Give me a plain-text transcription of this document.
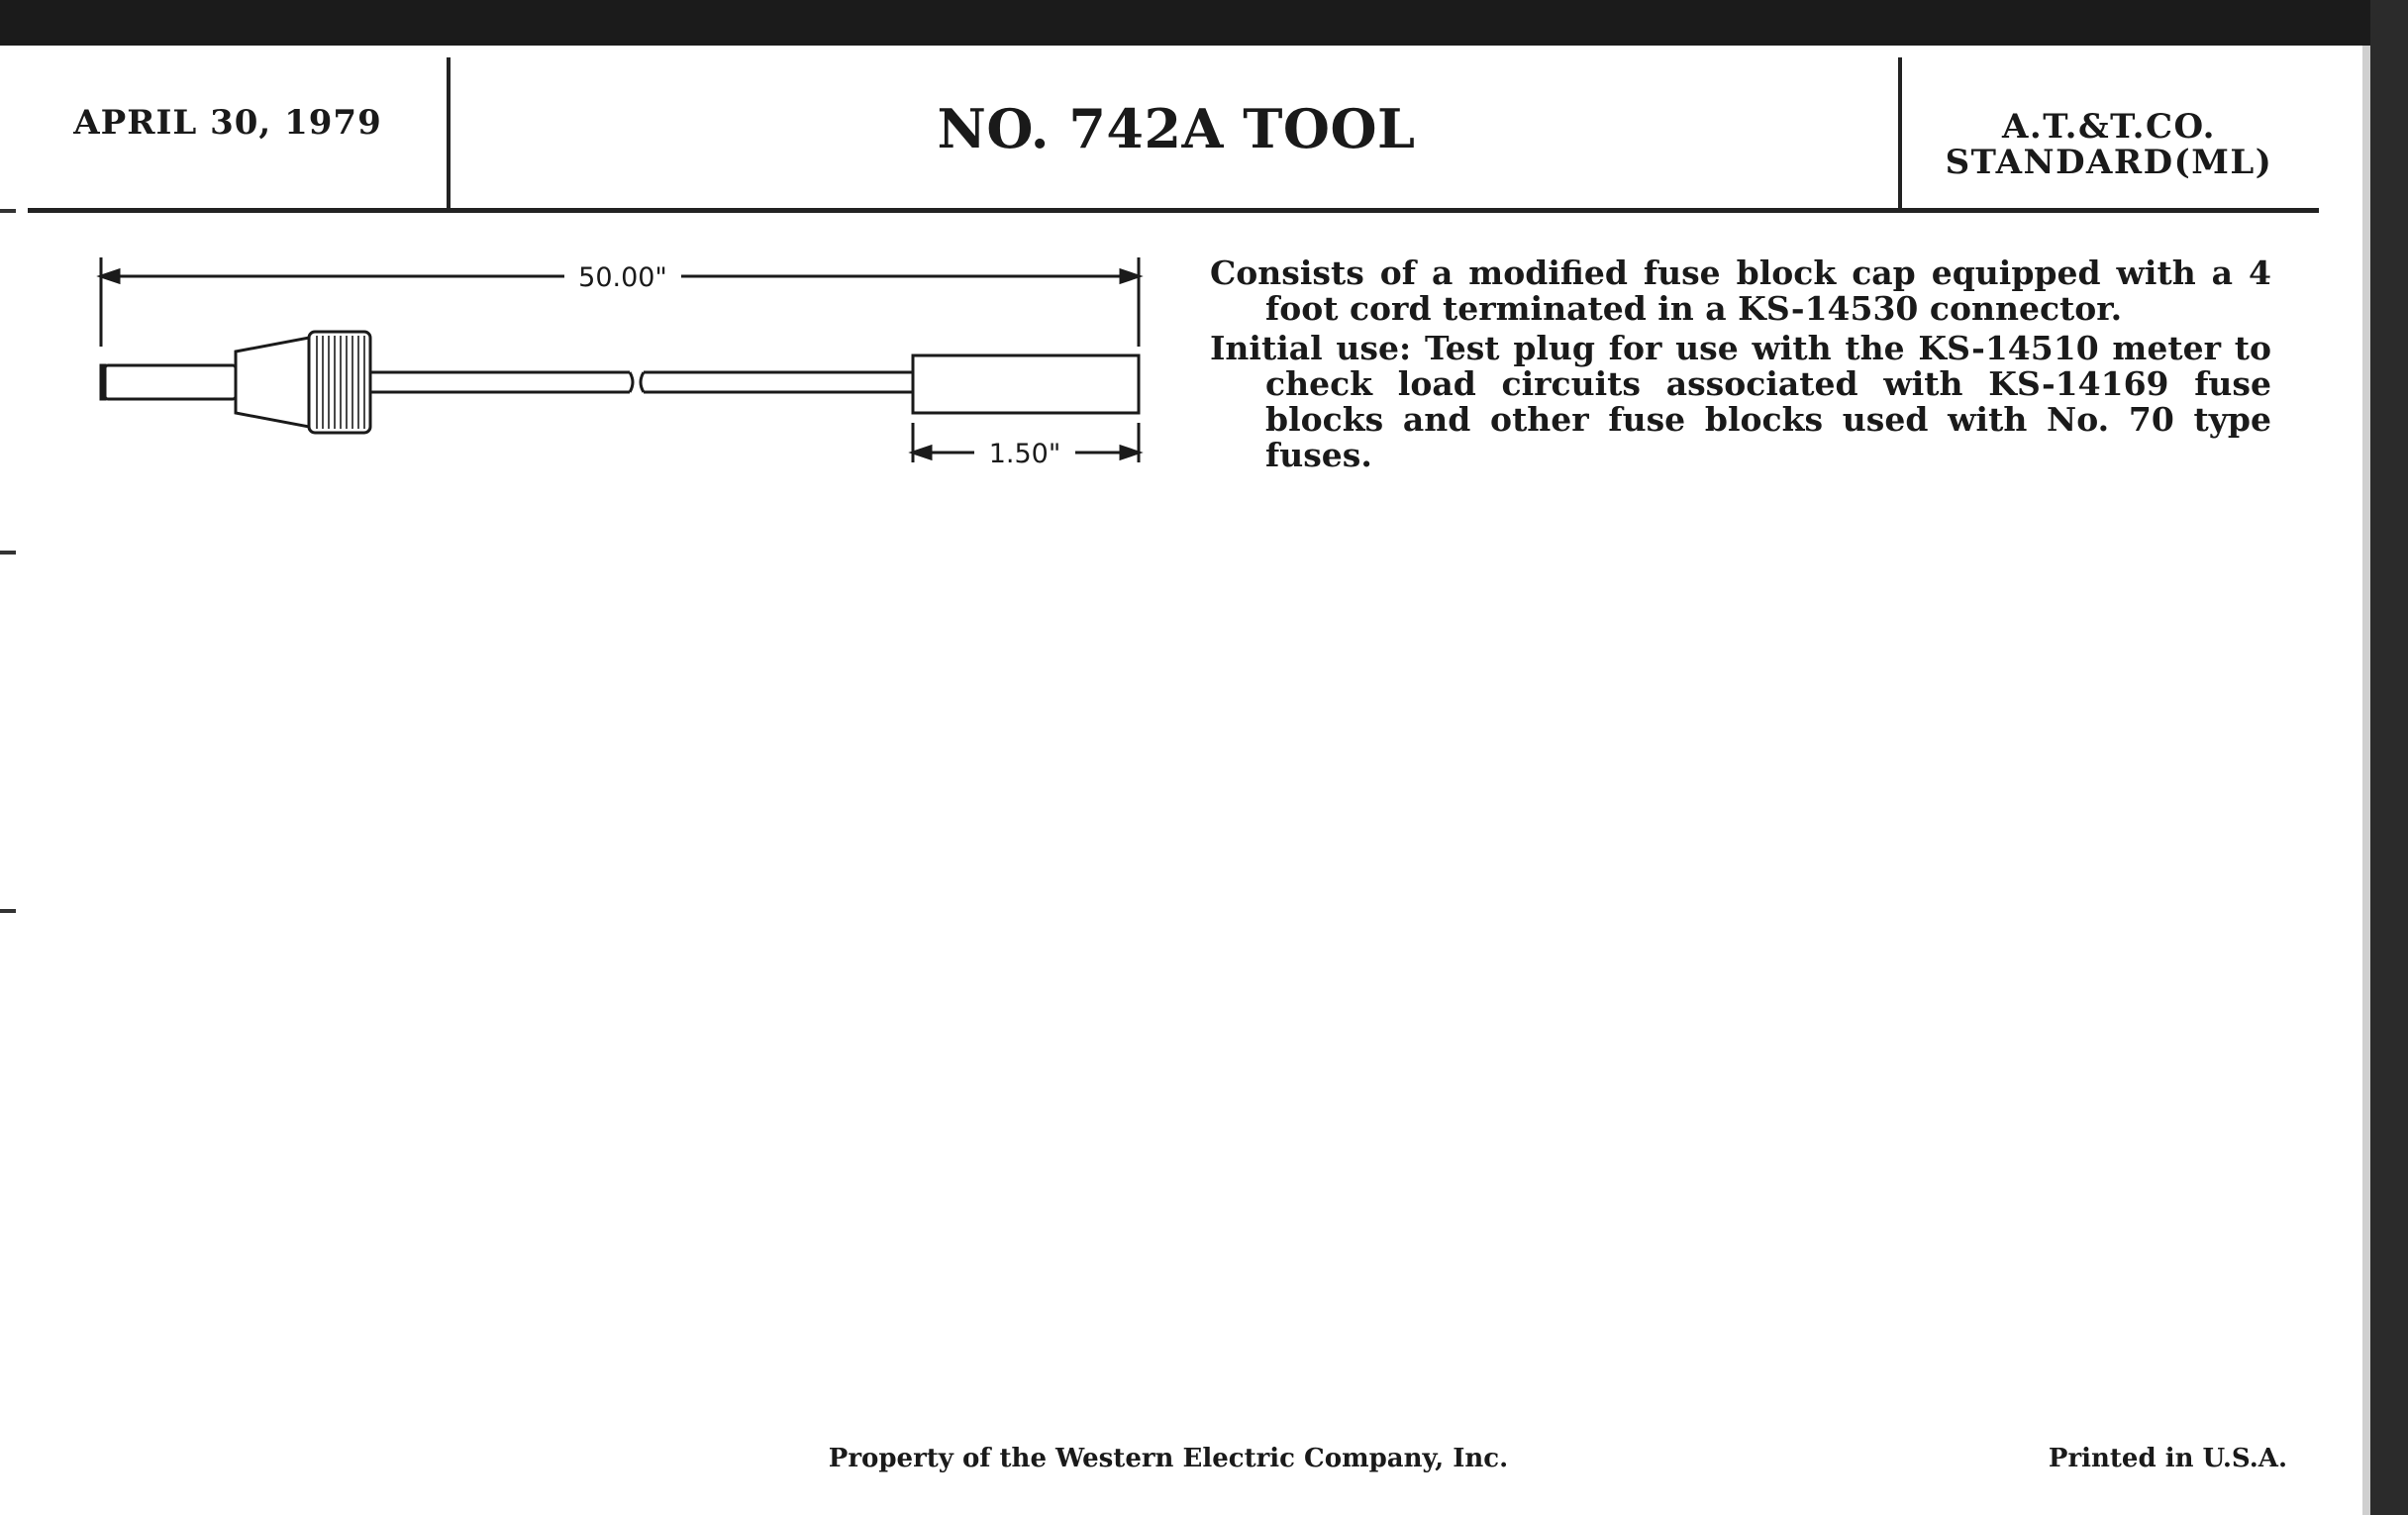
APRIL 30, 1979	NO. 742A TOOL	A.T.&T.CO.
STANDARD(ML)
50.00"
1.50"

Consists of a modified fuse block cap equipped with a 4 foot cord terminated in a KS-14530 connector.

Initial use: Test plug for use with the KS-14510 meter to check load circuits associated with KS-14169 fuse blocks and other fuse blocks used with No. 70 type fuses.

Property of the Western Electric Company, Inc.	Printed in U.S.A.
